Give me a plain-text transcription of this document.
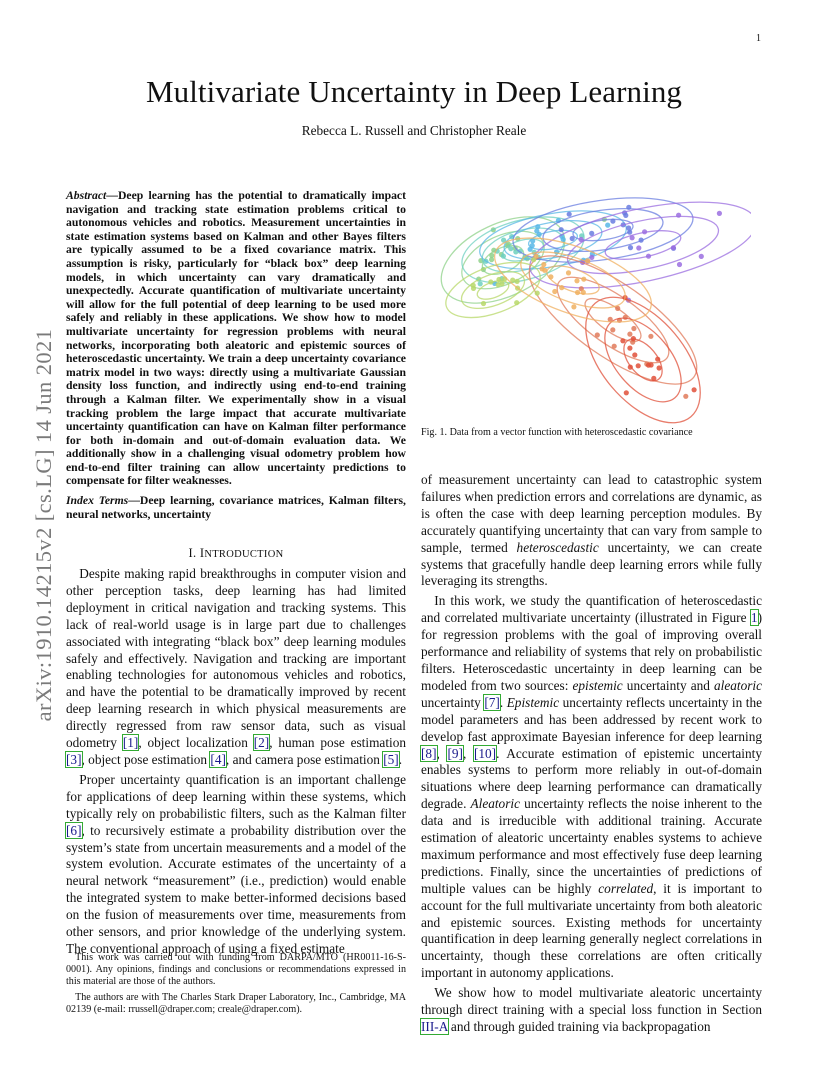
1
Multivariate Uncertainty in Deep Learning
Rebecca L. Russell and Christopher Reale
arXiv:1910.14215v2 [cs.LG] 14 Jun 2021
Abstract—Deep learning has the potential to dramatically impact navigation and tracking state estimation problems critical to autonomous vehicles and robotics. Measurement uncertainties in state estimation systems based on Kalman and other Bayes filters are typically assumed to be a fixed covariance matrix. This assumption is risky, particularly for “black box” deep learning models, in which uncertainty can vary dramatically and unexpectedly. Accurate quantification of multivariate uncertainty will allow for the full potential of deep learning to be used more safely and reliably in these applications. We show how to model multivariate uncertainty for regression problems with neural networks, incorporating both aleatoric and epistemic sources of heteroscedastic uncertainty. We train a deep uncertainty covariance matrix model in two ways: directly using a multivariate Gaussian density loss function, and indirectly using end-to-end training through a Kalman filter. We experimentally show in a visual tracking problem the large impact that accurate multivariate uncertainty quantification can have on Kalman filter performance for both in-domain and out-of-domain evaluation data. We additionally show in a challenging visual odometry problem how end-to-end filter training can allow uncertainty predictions to compensate for filter weaknesses.
Index Terms—Deep learning, covariance matrices, Kalman filters, neural networks, uncertainty
I. INTRODUCTION

Despite making rapid breakthroughs in computer vision and other perception tasks, deep learning has had limited deployment in critical navigation and tracking systems. This lack of real-world usage is in large part due to challenges associated with integrating “black box” deep learning modules safely and effectively. Navigation and tracking are important enabling technologies for autonomous vehicles and robotics, and have the potential to be dramatically improved by recent deep learning research in which physical measurements are directly regressed from raw sensor data, such as visual odometry [1], object localization [2], human pose estimation [3], object pose estimation [4], and camera pose estimation [5].

Proper uncertainty quantification is an important challenge for applications of deep learning within these systems, which typically rely on probabilistic filters, such as the Kalman filter [6], to recursively estimate a probability distribution over the system’s state from uncertain measurements and a model of the system evolution. Accurate estimates of the uncertainty of a neural network “measurement” (i.e., prediction) would enable the integrated system to make better-informed decisions based on the fusion of measurements over time, measurements from other sensors, and prior knowledge of the underlying system. The conventional approach of using a fixed estimate

This work was carried out with funding from DARPA/MTO (HR0011-16-S-0001). Any opinions, findings and conclusions or recommendations expressed in this material are those of the authors.

The authors are with The Charles Stark Draper Laboratory, Inc., Cambridge, MA 02139 (e-mail: rrussell@draper.com; creale@draper.com).

Fig. 1. Data from a vector function with heteroscedastic covariance

of measurement uncertainty can lead to catastrophic system failures when prediction errors and correlations are dynamic, as is often the case with deep learning perception modules. By accurately quantifying uncertainty that can vary from sample to sample, termed heteroscedastic uncertainty, we can create systems that gracefully handle deep learning errors while fully leveraging its strengths.

In this work, we study the quantification of heteroscedastic and correlated multivariate uncertainty (illustrated in Figure 1) for regression problems with the goal of improving overall performance and reliability of systems that rely on probabilistic filters. Heteroscedastic uncertainty in deep learning can be modeled from two sources: epistemic uncertainty and aleatoric uncertainty [7]. Epistemic uncertainty reflects uncertainty in the model parameters and has been addressed by recent work to develop fast approximate Bayesian inference for deep learning [8], [9], [10]. Accurate estimation of epistemic uncertainty enables systems to perform more reliably in out-of-domain situations where deep learning performance can dramatically degrade. Aleatoric uncertainty reflects the noise inherent to the data and is irreducible with additional training. Accurate estimation of aleatoric uncertainty enables systems to achieve maximum performance and most effectively fuse deep learning predictions. Finally, since the uncertainties of predictions of multiple values can be highly correlated, it is important to account for the full multivariate uncertainty from both aleatoric and epistemic sources. Existing methods for uncertainty quantification in deep learning generally neglect correlations in uncertainty, though these correlations are often critically important in autonomy applications.

We show how to model multivariate aleatoric uncertainty through direct training with a special loss function in Section III-A and through guided training via backpropagation
